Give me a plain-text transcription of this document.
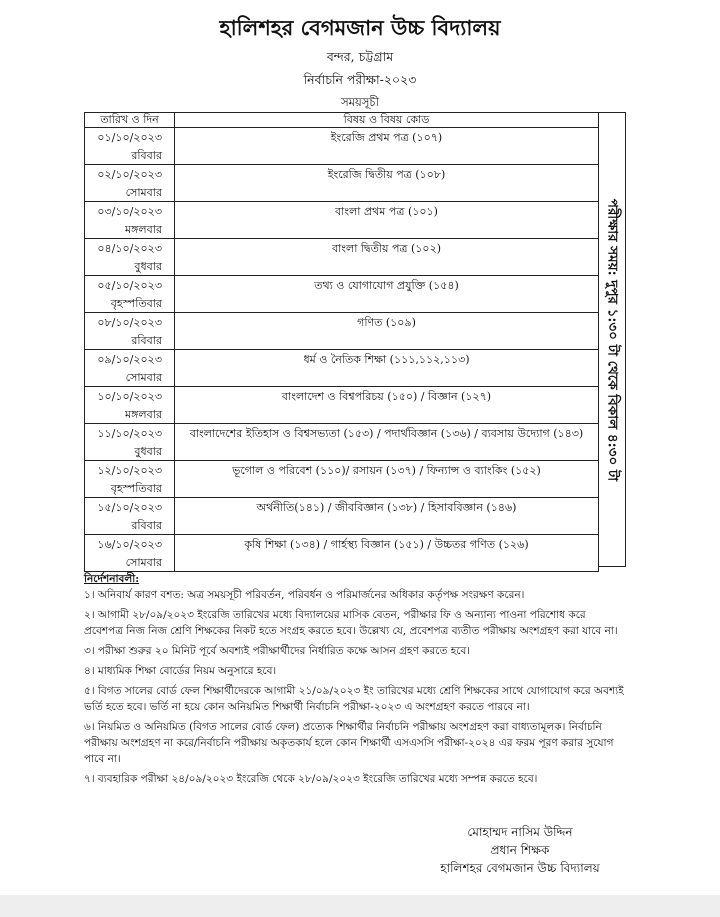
হালিশহর বেগমজান উচ্চ বিদ্যালয়
বন্দর, চট্টগ্রাম
নির্বাচনি পরীক্ষা-২০২৩
সময়সূচী
তারিখ ও দিন	বিষয় ও বিষয় কোড

০১/১০/২০২৩
রবিবার	ইংরেজি প্রথম পত্র (১০৭)

০২/১০/২০২৩
সোমবার	ইংরেজি দ্বিতীয় পত্র (১০৮)

০৩/১০/২০২৩
মঙ্গলবার	বাংলা প্রথম পত্র (১০১)

০৪/১০/২০২৩
বুধবার	বাংলা দ্বিতীয় পত্র (১০২)

০৫/১০/২০২৩
বৃহস্পতিবার	তথ্য ও যোগাযোগ প্রযুক্তি (১৫৪)

০৮/১০/২০২৩
রবিবার	গণিত (১০৯)

০৯/১০/২০২৩
সোমবার	ধর্ম ও নৈতিক শিক্ষা (১১১,১১২,১১৩)

১০/১০/২০২৩
মঙ্গলবার	বাংলাদেশ ও বিশ্বপরিচয় (১৫০) / বিজ্ঞান (১২৭)

১১/১০/২০২৩
বুধবার	বাংলাদেশের ইতিহাস ও বিশ্বসভ্যতা (১৫৩) / পদার্থবিজ্ঞান (১৩৬) / ব্যবসায় উদ্যোগ (১৪৩)

১২/১০/২০২৩
বৃহস্পতিবার	ভূগোল ও পরিবেশ (১১০)/ রসায়ন (১৩৭) / ফিন্যান্স ও ব্যাংকিং (১৫২)

১৫/১০/২০২৩
রবিবার	অর্থনীতি(১৪১) / জীববিজ্ঞান (১৩৮) / হিসাববিজ্ঞান (১৪৬)

১৬/১০/২০২৩
সোমবার	কৃষি শিক্ষা (১৩৪) / গার্হস্থ্য বিজ্ঞান (১৫১) / উচ্চতর গণিত (১২৬)
পরীক্ষার সময়: দুপুর ১:৩০ টা থেকে বিকাল ৪:৩০ টা
নির্দেশনাবলী:
১। অনিবার্য কারণ বশত: অত্র সময়সূচী পরিবর্তন, পরিবর্ধন ও পরিমার্জনের অধিকার কর্তৃপক্ষ সংরক্ষণ করেন।
২। আগামী ২৮/০৯/২০২৩ ইংরেজি তারিখের মধ্যে বিদ্যালয়ের মাসিক বেতন, পরীক্ষার ফি ও অন্যান্য পাওনা পরিশোধ করে প্রবেশপত্র নিজ নিজ শ্রেণি শিক্ষকের নিকট হতে সংগ্রহ করতে হবে। উল্লেখ্য যে, প্রবেশপত্র ব্যতীত পরীক্ষায় অংশগ্রহণ করা যাবে না।
৩। পরীক্ষা শুরুর ২০ মিনিট পূর্বে অবশ্যই পরীক্ষার্থীদের নির্ধারিত কক্ষে আসন গ্রহণ করতে হবে।
৪। মাধ্যমিক শিক্ষা বোর্ডের নিয়ম অনুসারে হবে।
৫। বিগত সালের বোর্ড ফেল শিক্ষার্থীদেরকে আগামী ২১/০৯/২০২৩ ইং তারিখের মধ্যে শ্রেণি শিক্ষকের সাথে যোগাযোগ করে অবশ্যই ভর্তি হতে হবে। ভর্তি না হয়ে কোন অনিয়মিত শিক্ষার্থী নির্বাচনি পরীক্ষা-২০২৩ এ অংশগ্রহণ করতে পারবে না।
৬। নিয়মিত ও অনিয়মিত (বিগত সালের বোর্ড ফেল) প্রত্যেক শিক্ষার্থীর নির্বাচনি পরীক্ষায় অংশগ্রহণ করা বাধ্যতামূলক। নির্বাচনি পরীক্ষায় অংশগ্রহণ না করে/নির্বাচনি পরীক্ষায় অকৃতকার্য হলে কোন শিক্ষার্থী এসএসসি পরীক্ষা-২০২৪ এর ফরম পূরণ করার সুযোগ পাবে না।
৭। ব্যবহারিক পরীক্ষা ২৪/০৯/২০২৩ ইংরেজি থেকে ২৮/০৯/২০২৩ ইংরেজি তারিখের মধ্যে সম্পন্ন করতে হবে।
মোহাম্মদ নাসিম উদ্দিন
প্রধান শিক্ষক
হালিশহর বেগমজান উচ্চ বিদ্যালয়
